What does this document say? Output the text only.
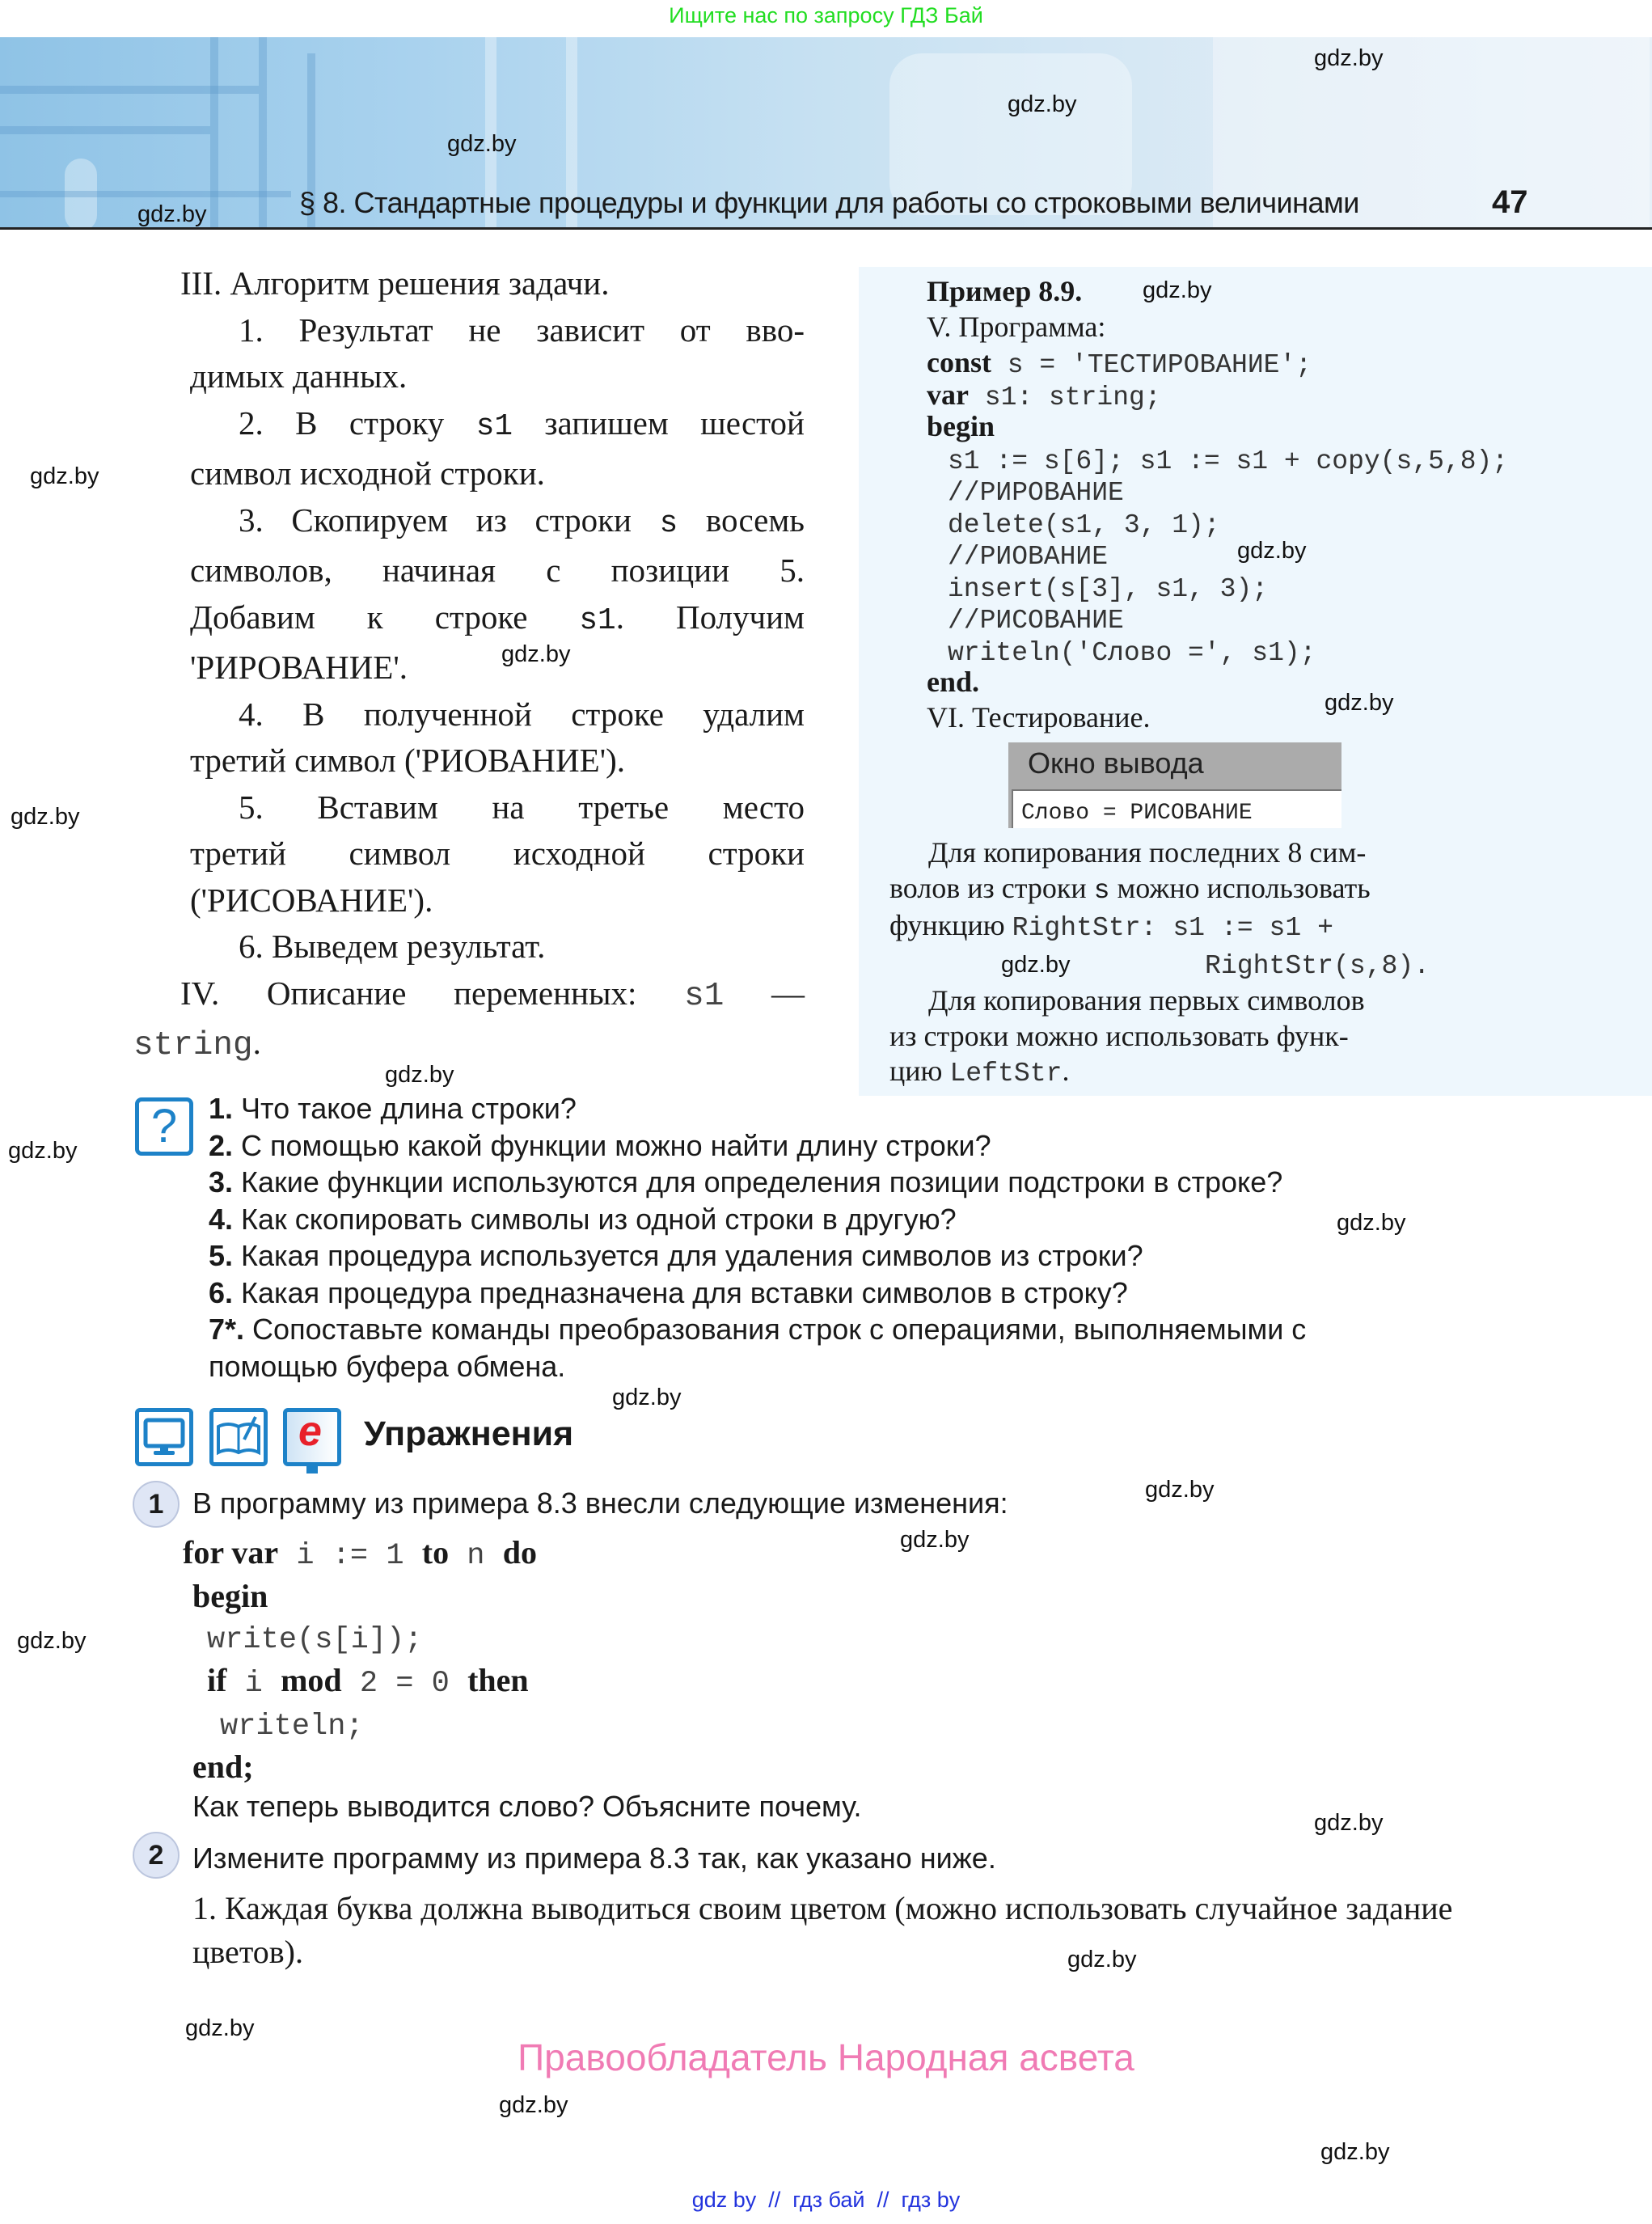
Ищите нас по запросу ГДЗ Бай
§ 8. Стандартные процедуры и функции для работы со строковыми величинами	47

III. Алгоритм решения задачи.

1. Результат не зависит от вво-

димых данных.

2. В строку s1 запишем шестой

символ исходной строки.

3. Скопируем из строки s восемь

символов, начиная с позиции 5.

Добавим к строке s1. Получим

'РИРОВАНИЕ'.

4. В полученной строке удалим

третий символ ('РИОВАНИЕ').

5. Вставим на третье место

третий символ исходной строки

('РИСОВАНИЕ').

6. Выведем результат.

IV. Описание переменных: s1 —

string.

Пример 8.9.
V. Программа:
const s = 'ТЕСТИРОВАНИЕ';
var s1: string;
begin
s1 := s[6]; s1 := s1 + copy(s,5,8);
//РИРОВАНИЕ
delete(s1, 3, 1);
//РИОВАНИЕ
insert(s[3], s1, 3);
//РИСОВАНИЕ
writeln('Слово =', s1);
end.
VI. Тестирование.
Окно вывода
Слово = РИСОВАНИЕ

Для копирования последних 8 сим-

волов из строки s можно использовать

функцию RightStr: s1 := s1 +

RightStr(s,8).

Для копирования первых символов

из строки можно использовать функ-

цию LeftStr.

?	1. Что такое длина строки?
2. С помощью какой функции можно найти длину строки?
3. Какие функции используются для определения позиции подстроки в строке?
4. Как скопировать символы из одной строки в другую?
5. Какая процедура используется для удаления символов из строки?
6. Какая процедура предназначена для вставки символов в строку?
7*. Сопоставьте команды преобразования строк с операциями, выполняемыми с
помощью буфера обмена.
e Упражнения
1 В программу из примера 8.3 внесли следующие изменения:
for var i := 1 to n do
begin
write(s[i]);
if i mod 2 = 0 then
writeln;
end;
Как теперь выводится слово? Объясните почему.
2 Измените программу из примера 8.3 так, как указано ниже.
1. Каждая буква должна выводиться своим цветом (можно использовать случайное задание цветов).
Правообладатель Народная асвета
gdz by  //  гдз бай  //  гдз by
gdz.by
gdz.by
gdz.by
gdz.by
gdz.by
gdz.by
gdz.by
gdz.by
gdz.by
gdz.by
gdz.by
gdz.by
gdz.by
gdz.by
gdz.by
gdz.by
gdz.by
gdz.by
gdz.by
gdz.by
gdz.by
gdz.by
gdz.by
